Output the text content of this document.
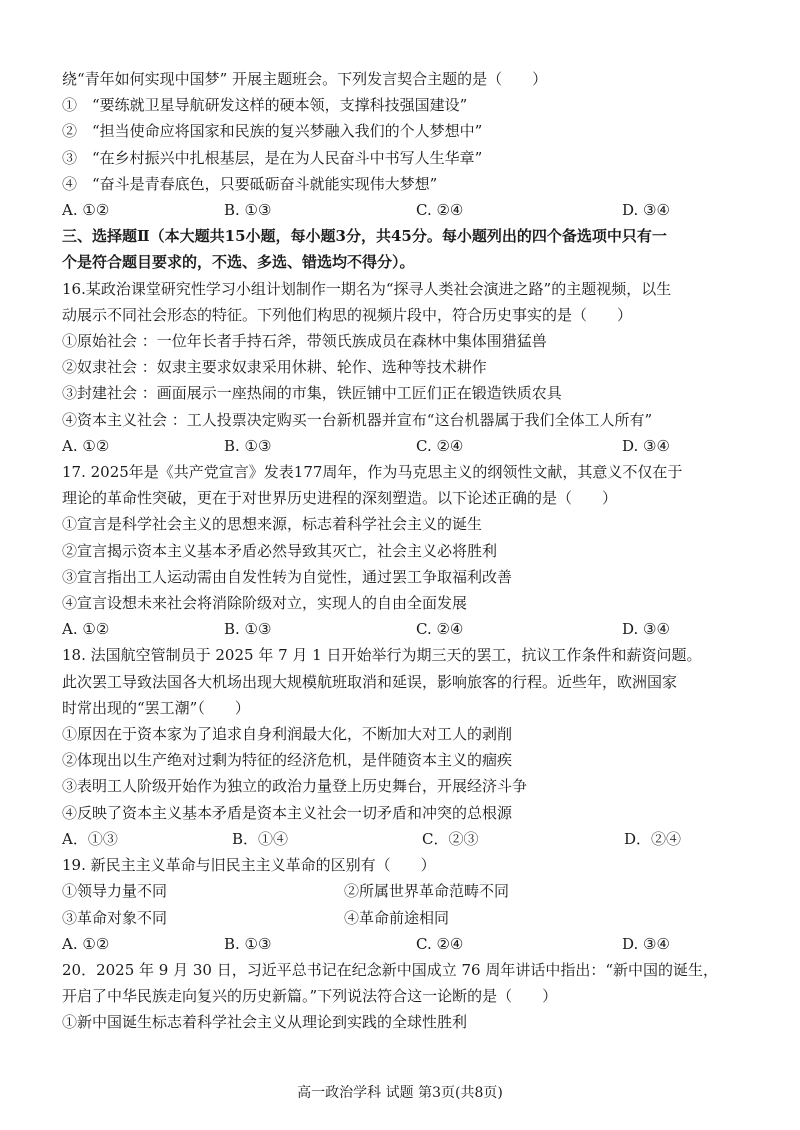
绕“青年如何实现中国梦” 开展主题班会。下列发言契合主题的是（　　）
①　“要练就卫星导航研发这样的硬本领，支撑科技强国建设”
②　“担当使命应将国家和民族的复兴梦融入我们的个人梦想中”
③　“在乡村振兴中扎根基层，是在为人民奋斗中书写人生华章”
④　“奋斗是青春底色，只要砥砺奋斗就能实现伟大梦想”
A. ①②	B. ①③	C. ②④	D. ③④
三、选择题Ⅱ（本大题共15小题，每小题3分，共45分。每小题列出的四个备选项中只有一
个是符合题目要求的，不选、多选、错选均不得分）。
16.某政治课堂研究性学习小组计划制作一期名为“探寻人类社会演进之路”的主题视频，以生
动展示不同社会形态的特征。下列他们构思的视频片段中，符合历史事实的是（　　）
①原始社会 ：一位年长者手持石斧，带领氏族成员在森林中集体围猎猛兽
②奴隶社会 ：奴隶主要求奴隶采用休耕、轮作、选种等技术耕作
③封建社会 ：画面展示一座热闹的市集，铁匠铺中工匠们正在锻造铁质农具
④资本主义社会 ：工人投票决定购买一台新机器并宣布“这台机器属于我们全体工人所有”
A. ①②	B. ①③	C. ②④	D. ③④
17. 2025年是《共产党宣言》发表177周年，作为马克思主义的纲领性文献，其意义不仅在于
理论的革命性突破，更在于对世界历史进程的深刻塑造。以下论述正确的是（　　）
①宣言是科学社会主义的思想来源，标志着科学社会主义的诞生
②宣言揭示资本主义基本矛盾必然导致其灭亡，社会主义必将胜利
③宣言指出工人运动需由自发性转为自觉性，通过罢工争取福利改善
④宣言设想未来社会将消除阶级对立，实现人的自由全面发展
A. ①②	B. ①③	C. ②④	D. ③④
18. 法国航空管制员于 2025 年 7 月 1 日开始举行为期三天的罢工，抗议工作条件和薪资问题。
此次罢工导致法国各大机场出现大规模航班取消和延误，影响旅客的行程。近些年，欧洲国家
时常出现的“罢工潮”（　　）
①原因在于资本家为了追求自身利润最大化，不断加大对工人的剥削
②体现出以生产绝对过剩为特征的经济危机，是伴随资本主义的痼疾
③表明工人阶级开始作为独立的政治力量登上历史舞台，开展经济斗争
④反映了资本主义基本矛盾是资本主义社会一切矛盾和冲突的总根源
A．①③	B．①④	C．②③	D．②④
19. 新民主主义革命与旧民主主义革命的区别有（　　）
①领导力量不同	②所属世界革命范畴不同
③革命对象不同	④革命前途相同
A. ①②	B. ①③	C. ②④	D. ③④
20．2025 年 9 月 30 日，习近平总书记在纪念新中国成立 76 周年讲话中指出：“新中国的诞生，
开启了中华民族走向复兴的历史新篇。”下列说法符合这一论断的是（　　）
①新中国诞生标志着科学社会主义从理论到实践的全球性胜利
高一政治学科 试题 第3页(共8页)
